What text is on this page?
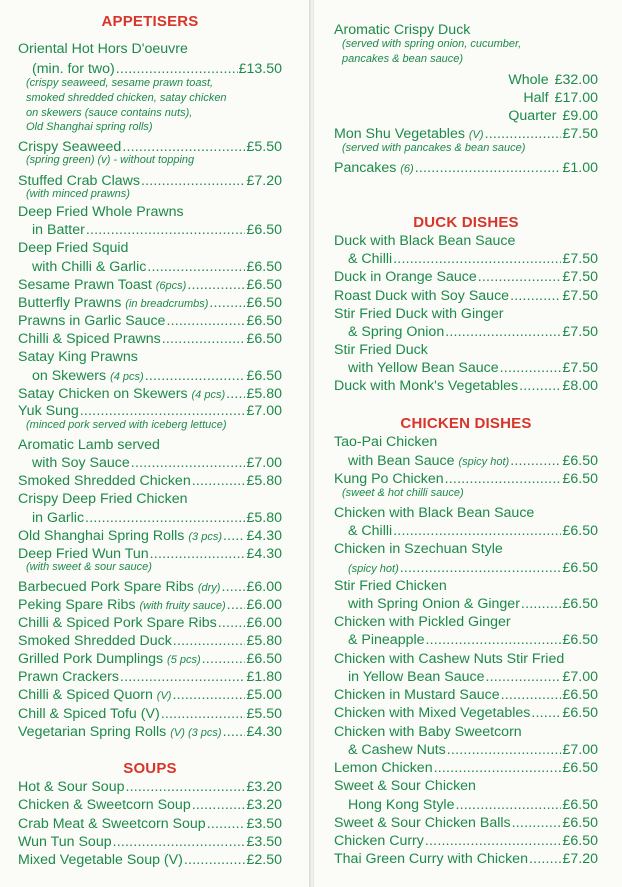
APPETISERS
Oriental Hot Hors D'oeuvre
(min. for two) .....	£13.50
(crispy seaweed, sesame prawn toast,
smoked shredded chicken, satay chicken
on skewers (sauce contains nuts),
Old Shanghai spring rolls)
Crispy Seaweed .....	£5.50
(spring green) (v) - without topping
Stuffed Crab Claws .....	£7.20
(with minced prawns)
Deep Fried Whole Prawns
in Batter .....	£6.50
Deep Fried Squid
with Chilli & Garlic .....	£6.50
Sesame Prawn Toast (6pcs) .....	£6.50
Butterfly Prawns (in breadcrumbs) .....	£6.50
Prawns in Garlic Sauce .....	£6.50
Chilli & Spiced Prawns .....	£6.50
Satay King Prawns
on Skewers (4 pcs) .....	£6.50
Satay Chicken on Skewers (4 pcs) ..... £5.80
Yuk Sung .....	£7.00
(minced pork served with iceberg lettuce)
Aromatic Lamb served
with Soy Sauce .....	£7.00
Smoked Shredded Chicken .....	£5.80
Crispy Deep Fried Chicken
in Garlic .....	£5.80
Old Shanghai Spring Rolls (3 pcs) ..... £4.30
Deep Fried Wun Tun .....	£4.30
(with sweet & sour sauce)
Barbecued Pork Spare Ribs (dry) ..... £6.00
Peking Spare Ribs (with fruity sauce) ..... £6.00
Chilli & Spiced Pork Spare Ribs ..... £6.00
Smoked Shredded Duck .....	£5.80
Grilled Pork Dumplings (5 pcs) .....	£6.50
Prawn Crackers .....	£1.80
Chilli & Spiced Quorn (V) .....	£5.00
Chill & Spiced Tofu (V) .....	£5.50
Vegetarian Spring Rolls (V) (3 pcs) ..... £4.30
SOUPS
Hot & Sour Soup .....	£3.20
Chicken & Sweetcorn Soup .....	£3.20
Crab Meat & Sweetcorn Soup .....	£3.50
Wun Tun Soup .....	£3.50
Mixed Vegetable Soup (V) .....	£2.50
Aromatic Crispy Duck
(served with spring onion, cucumber,
pancakes & bean sauce)
Whole £32.00
Half £17.00
Quarter £9.00
Mon Shu Vegetables (V) .....	£7.50
(served with pancakes & bean sauce)
Pancakes (6) .....	£1.00
DUCK DISHES
Duck with Black Bean Sauce
& Chilli .....	£7.50
Duck in Orange Sauce .....	£7.50
Roast Duck with Soy Sauce .....	£7.50
Stir Fried Duck with Ginger
& Spring Onion .....	£7.50
Stir Fried Duck
with Yellow Bean Sauce .....	£7.50
Duck with Monk's Vegetables .....	£8.00
CHICKEN DISHES
Tao-Pai Chicken
with Bean Sauce (spicy hot) .....	£6.50
Kung Po Chicken .....	£6.50
(sweet & hot chilli sauce)
Chicken with Black Bean Sauce
& Chilli .....	£6.50
Chicken in Szechuan Style
(spicy hot) .....	£6.50
Stir Fried Chicken
with Spring Onion & Ginger .....	£6.50
Chicken with Pickled Ginger
& Pineapple .....	£6.50
Chicken with Cashew Nuts Stir Fried
in Yellow Bean Sauce .....	£7.00
Chicken in Mustard Sauce .....	£6.50
Chicken with Mixed Vegetables ..... £6.50
Chicken with Baby Sweetcorn
& Cashew Nuts .....	£7.00
Lemon Chicken .....	£6.50
Sweet & Sour Chicken
Hong Kong Style .....	£6.50
Sweet & Sour Chicken Balls .....	£6.50
Chicken Curry .....	£6.50
Thai Green Curry with Chicken ..... £7.20
